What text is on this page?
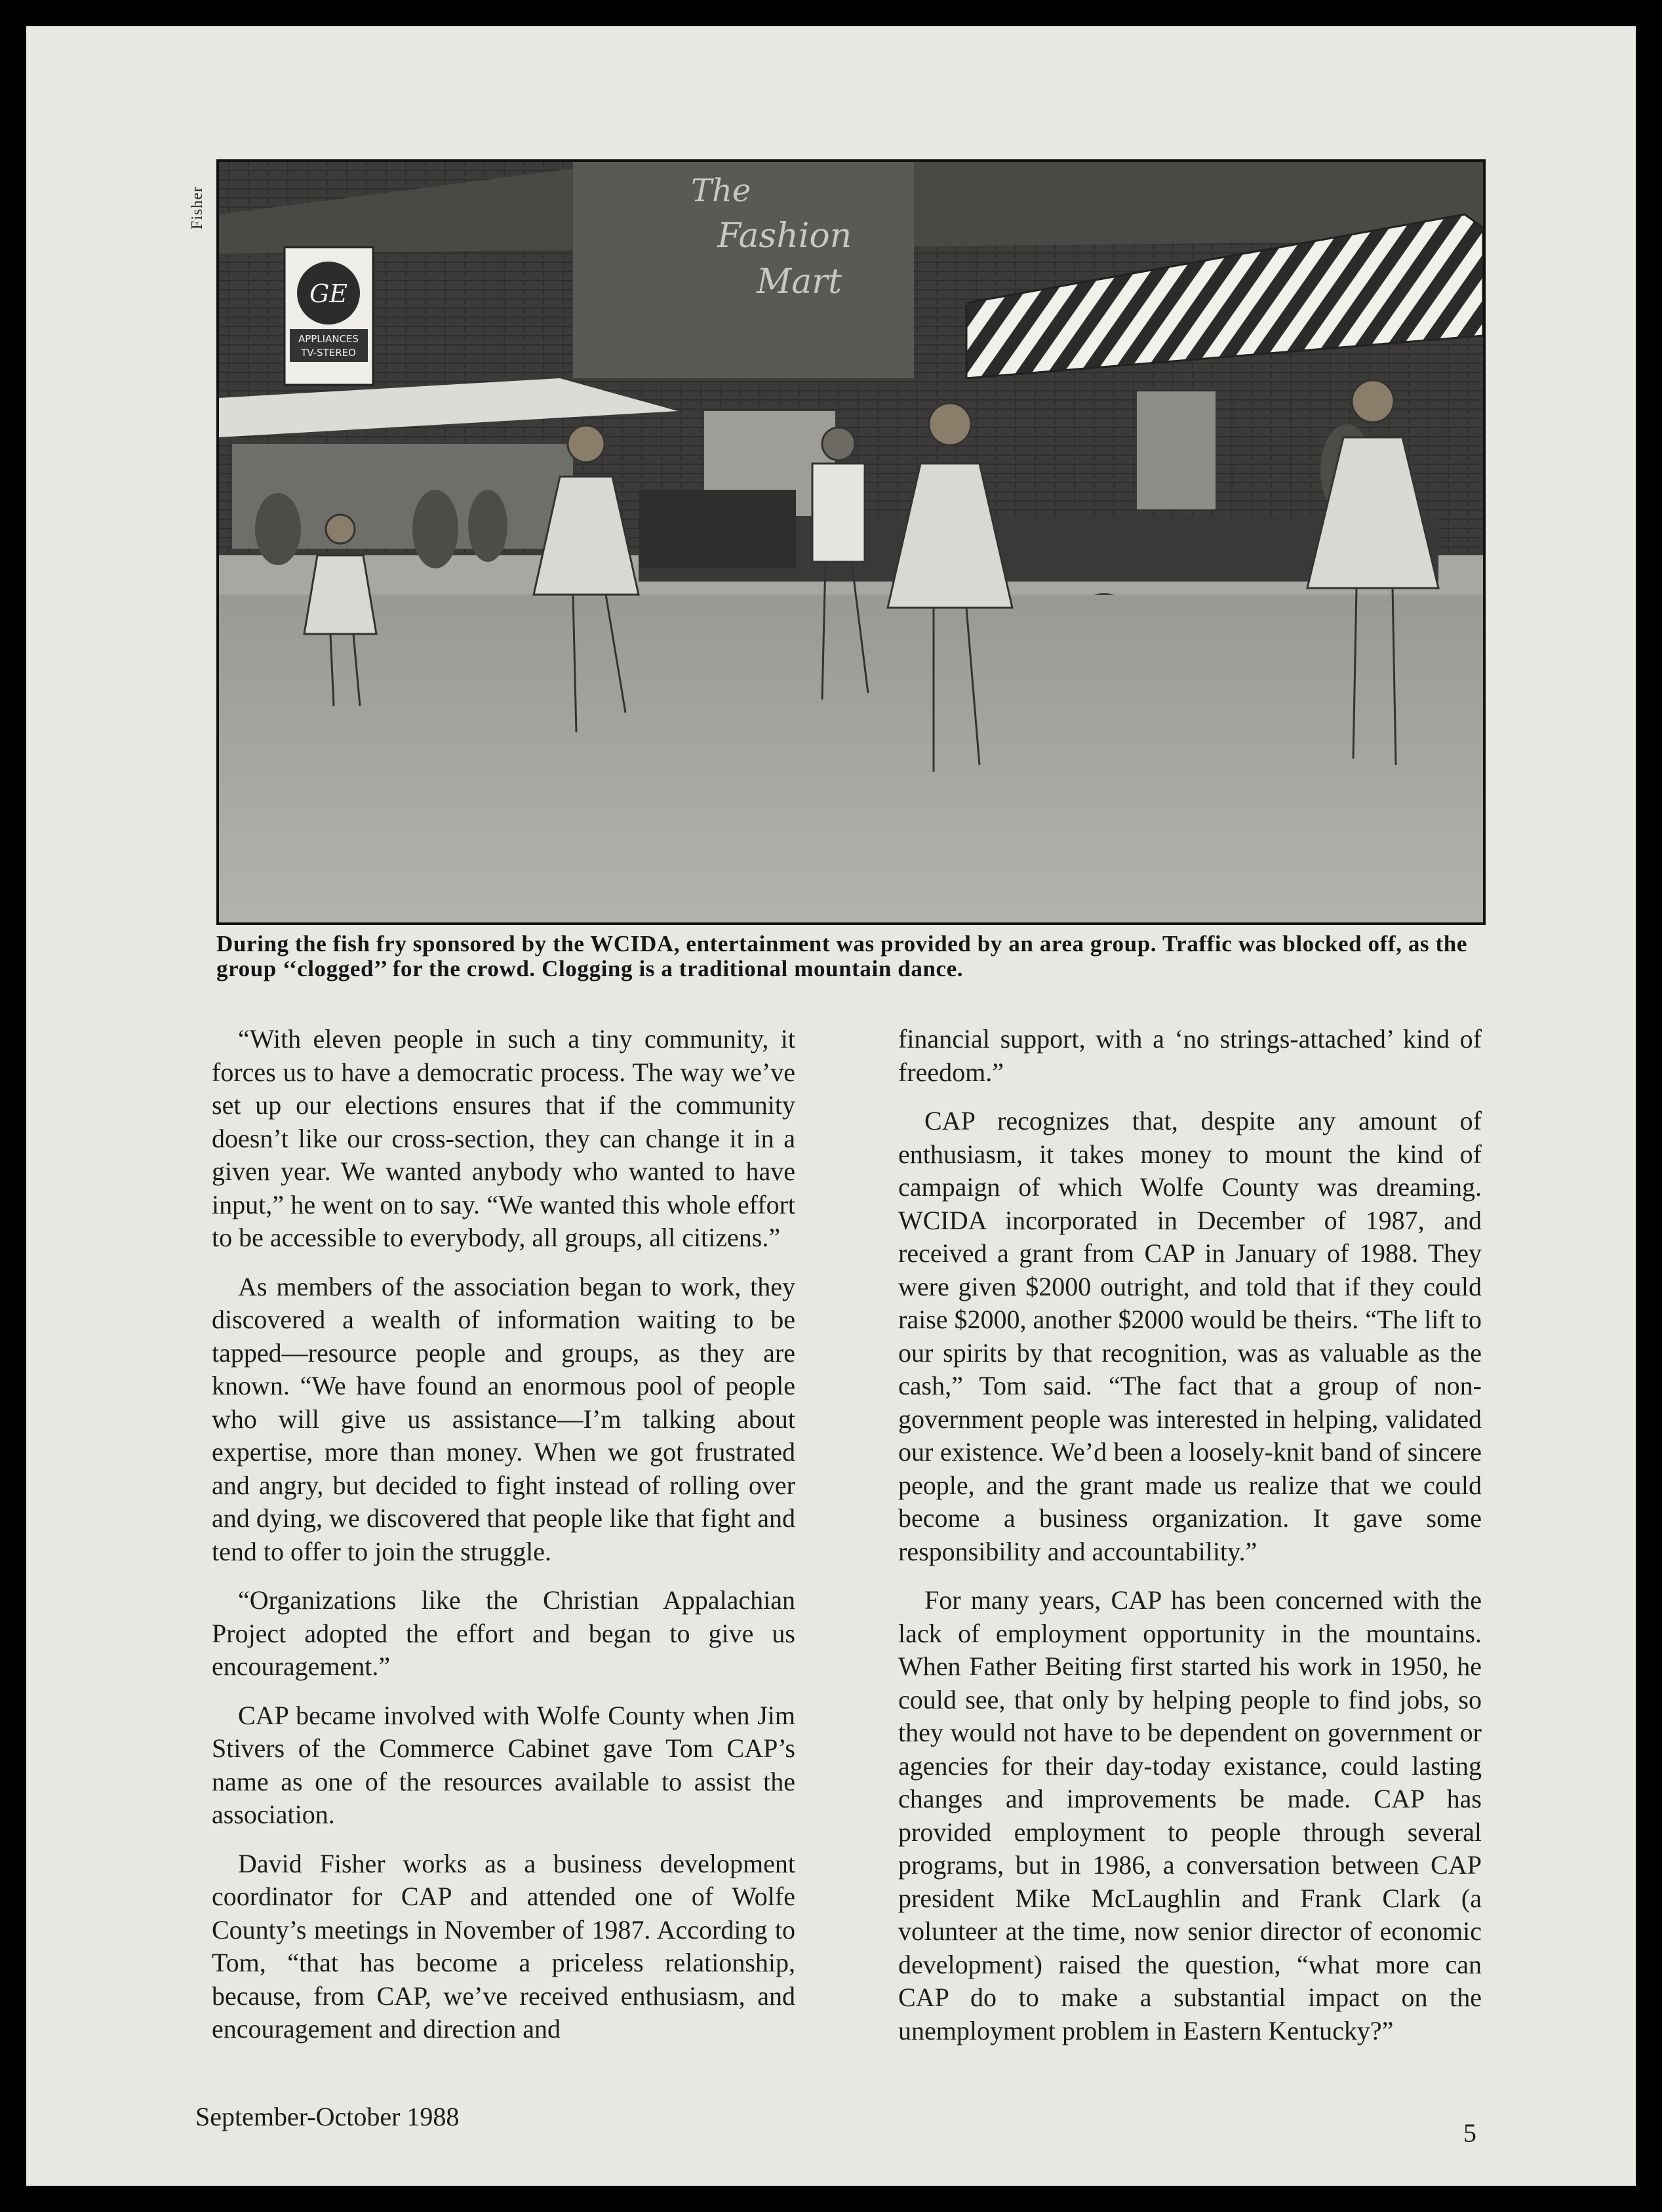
Fisher	The
Fashion
Mart
GE
APPLIANCES
TV-STEREO
During the fish fry sponsored by the WCIDA, entertainment was provided by an area group. Traffic was blocked off, as the group ‘‘clogged’’ for the crowd. Clogging is a traditional mountain dance.

“With eleven people in such a tiny community, it forces us to have a democratic process. The way we’ve set up our elections ensures that if the community doesn’t like our cross-section, they can change it in a given year. We wanted anybody who wanted to have input,” he went on to say. “We wanted this whole effort to be accessible to everybody, all groups, all citizens.”

As members of the association began to work, they discovered a wealth of information waiting to be tapped—resource people and groups, as they are known. “We have found an enormous pool of people who will give us assistance—I’m talking about expertise, more than money. When we got frustrated and angry, but decided to fight instead of rolling over and dying, we discovered that people like that fight and tend to offer to join the struggle.

“Organizations like the Christian Appalachian Project adopted the effort and began to give us encouragement.”

CAP became involved with Wolfe County when Jim Stivers of the Commerce Cabinet gave Tom CAP’s name as one of the resources available to assist the association.

David Fisher works as a business development coordinator for CAP and attended one of Wolfe County’s meetings in November of 1987. According to Tom, “that has become a priceless relationship, because, from CAP, we’ve received enthusiasm, and encouragement and direction and

financial support, with a ‘no strings-attached’ kind of freedom.”

CAP recognizes that, despite any amount of enthusiasm, it takes money to mount the kind of campaign of which Wolfe County was dreaming. WCIDA incorporated in December of 1987, and received a grant from CAP in January of 1988. They were given $2000 outright, and told that if they could raise $2000, another $2000 would be theirs. “The lift to our spirits by that recognition, was as valuable as the cash,” Tom said. “The fact that a group of non-government people was interested in helping, validated our existence. We’d been a loosely-knit band of sincere people, and the grant made us realize that we could become a business organization. It gave some responsibility and accountability.”

For many years, CAP has been concerned with the lack of employment opportunity in the mountains. When Father Beiting first started his work in 1950, he could see, that only by helping people to find jobs, so they would not have to be dependent on government or agencies for their day-today existance, could lasting changes and improvements be made. CAP has provided employment to people through several programs, but in 1986, a conversation between CAP president Mike McLaughlin and Frank Clark (a volunteer at the time, now senior director of economic development) raised the question, “what more can CAP do to make a substantial impact on the unemployment problem in Eastern Kentucky?”

September-October 1988
5
